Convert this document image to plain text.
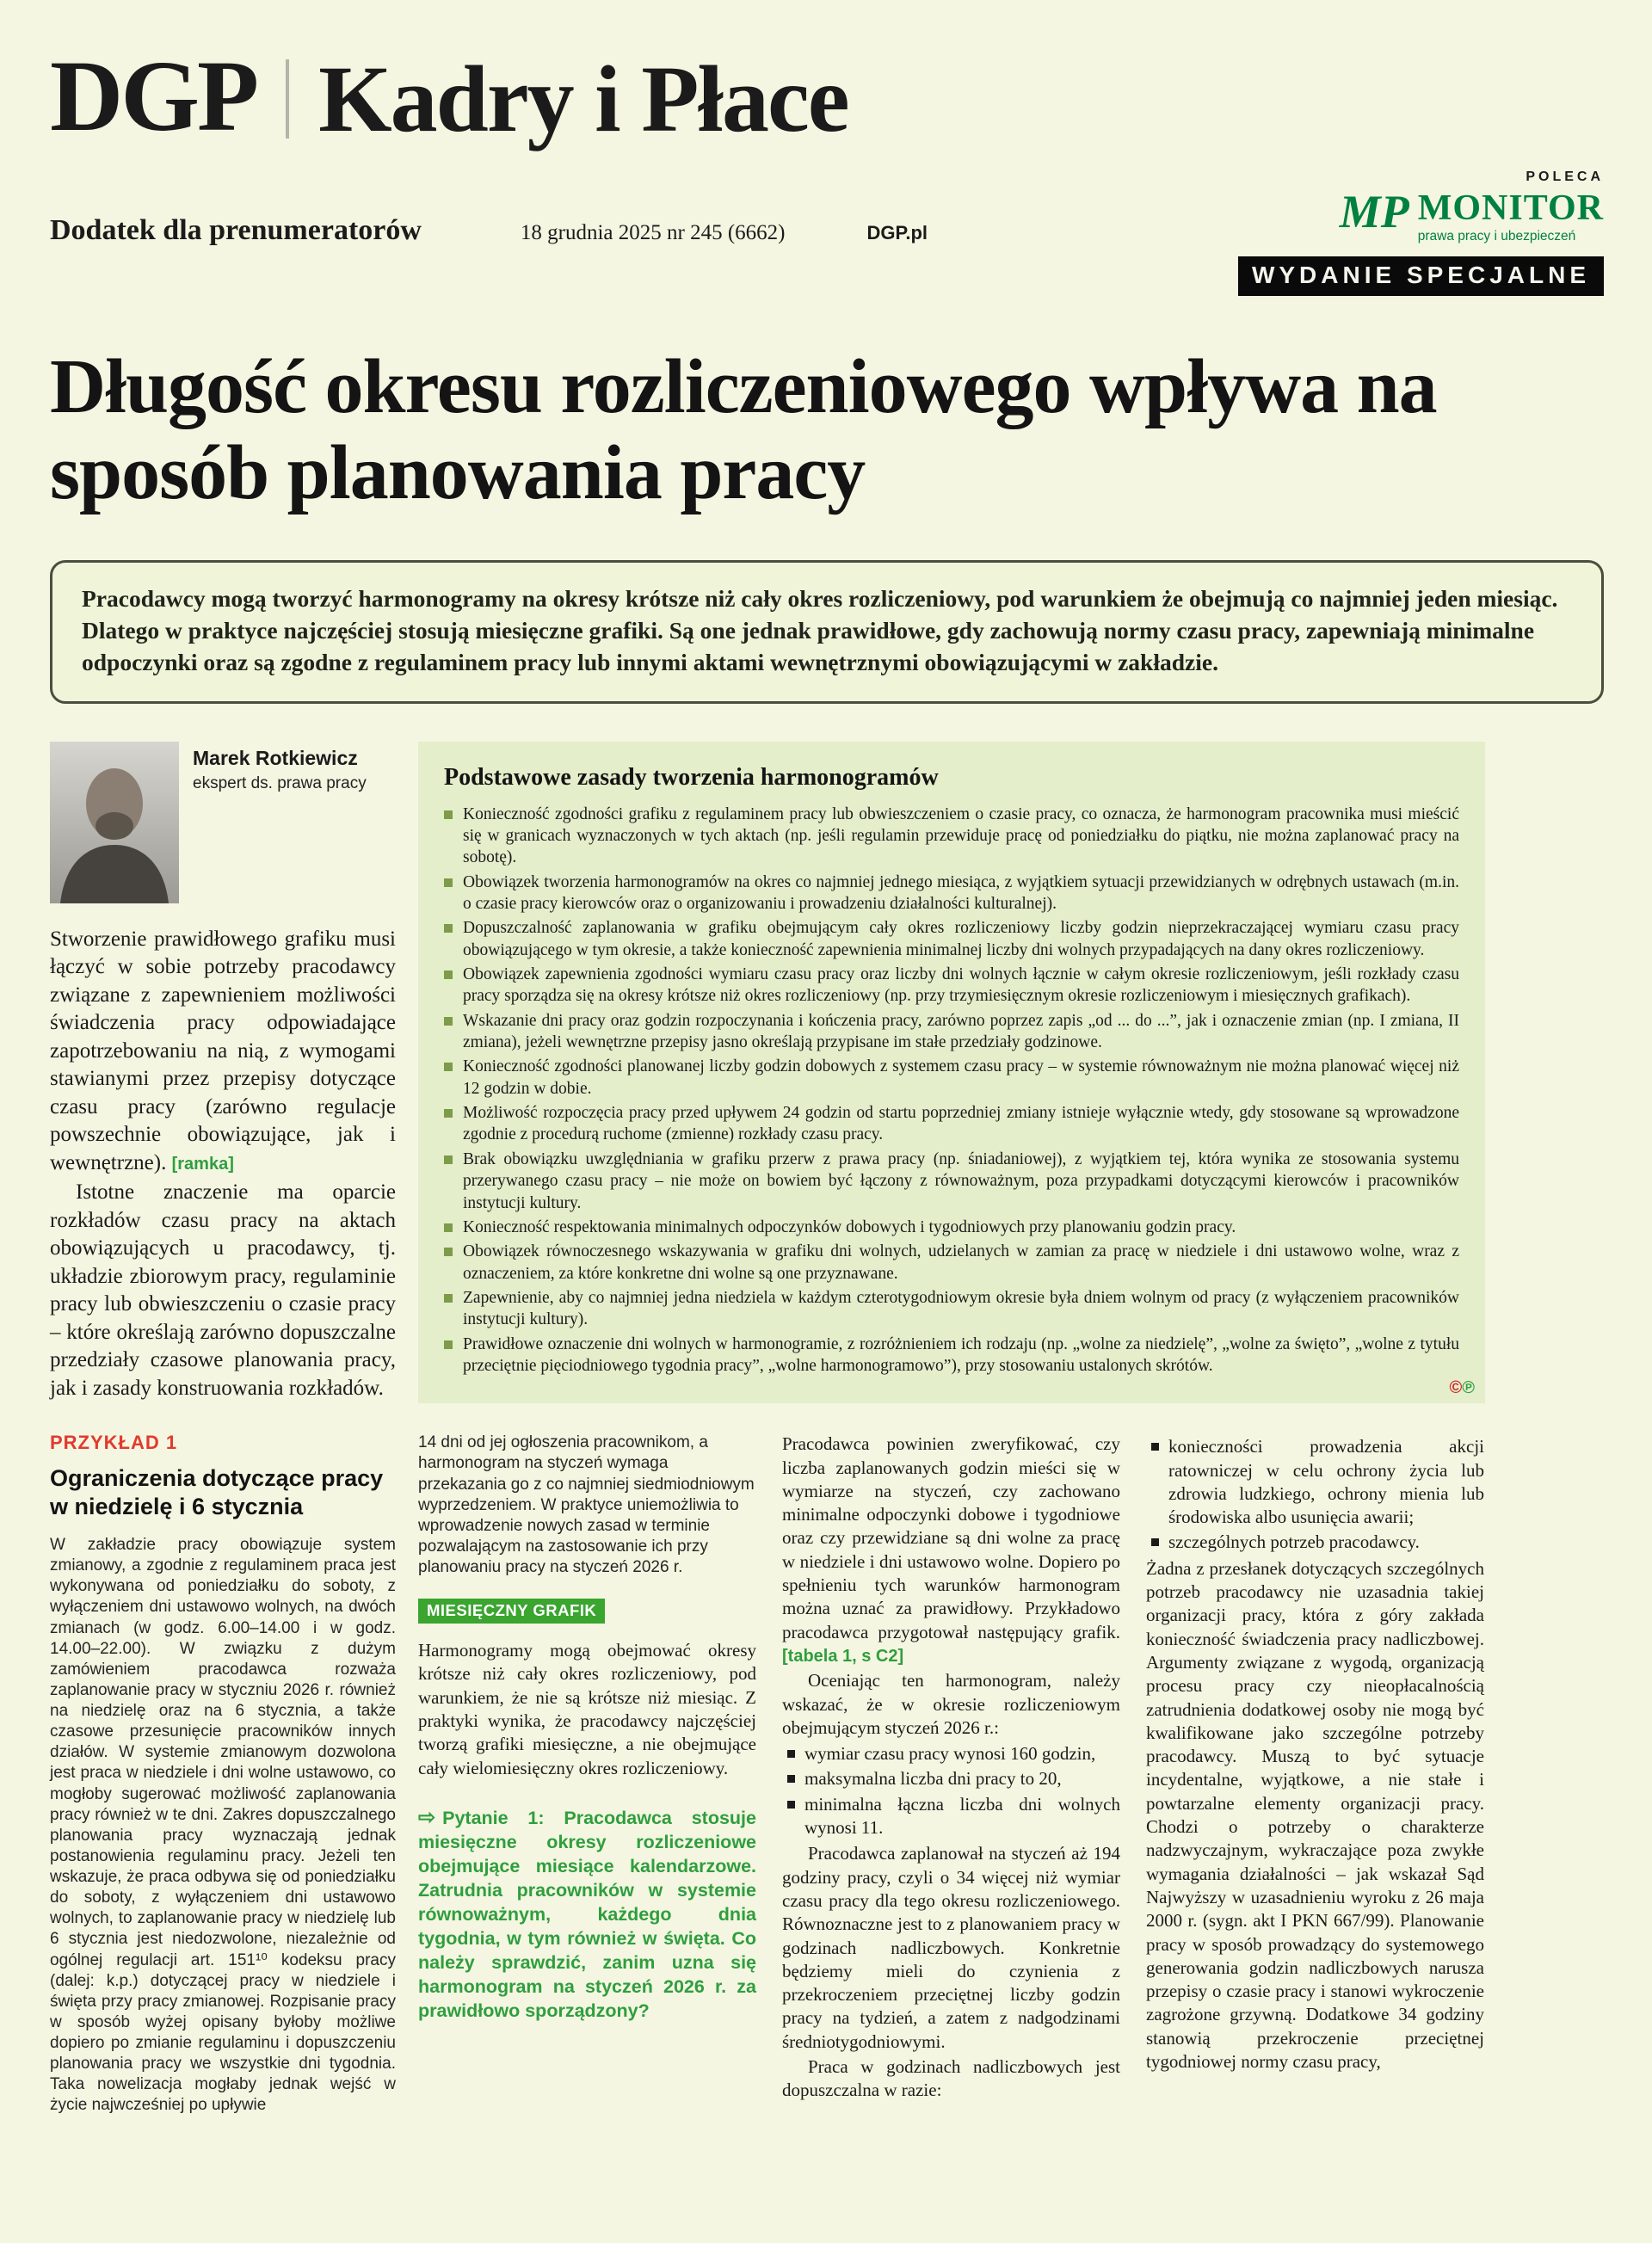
DGP Kadry i Płace
Dodatek dla prenumeratorów	18 grudnia 2025 nr 245 (6662)	DGP.pl
POLECA
MP MONITOR
prawa pracy i ubezpieczeń
WYDANIE SPECJALNE
Długość okresu rozliczeniowego wpływa na sposób planowania pracy

Pracodawcy mogą tworzyć harmonogramy na okresy krótsze niż cały okres rozliczeniowy, pod warunkiem że obejmują co najmniej jeden miesiąc. Dlatego w praktyce najczęściej stosują miesięczne grafiki. Są one jednak prawidłowe, gdy zachowują normy czasu pracy, zapewniają minimalne odpoczynki oraz są zgodne z regulaminem pracy lub innymi aktami wewnętrznymi obowiązującymi w zakładzie.

Marek Rotkiewicz
ekspert ds. prawa pracy

Stworzenie prawidłowego grafiku musi łączyć w sobie potrzeby pracodawcy związane z zapewnieniem możliwości świadczenia pracy odpowiadające zapotrzebowaniu na nią, z wymogami stawianymi przez przepisy dotyczące czasu pracy (zarówno regulacje powszechnie obowiązujące, jak i wewnętrzne). [ramka]

Istotne znaczenie ma oparcie rozkładów czasu pracy na aktach obowiązujących u pracodawcy, tj. układzie zbiorowym pracy, regulaminie pracy lub obwieszczeniu o czasie pracy – które określają zarówno dopuszczalne przedziały czasowe planowania pracy, jak i zasady konstruowania rozkładów.

PRZYKŁAD 1
Ograniczenia dotyczące pracy w niedzielę i 6 stycznia

W zakładzie pracy obowiązuje system zmianowy, a zgodnie z regulaminem praca jest wykonywana od poniedziałku do soboty, z wyłączeniem dni ustawowo wolnych, na dwóch zmianach (w godz. 6.00–14.00 i w godz. 14.00–22.00). W związku z dużym zamówieniem pracodawca rozważa zaplanowanie pracy w styczniu 2026 r. również na niedzielę oraz na 6 stycznia, a także czasowe przesunięcie pracowników innych działów. W systemie zmianowym dozwolona jest praca w niedziele i dni wolne ustawowo, co mogłoby sugerować możliwość zaplanowania pracy również w te dni. Zakres dopuszczalnego planowania pracy wyznaczają jednak postanowienia regulaminu pracy. Jeżeli ten wskazuje, że praca odbywa się od poniedziałku do soboty, z wyłączeniem dni ustawowo wolnych, to zaplanowanie pracy w niedzielę lub 6 stycznia jest niedozwolone, niezależnie od ogólnej regulacji art. 151¹⁰ kodeksu pracy (dalej: k.p.) dotyczącej pracy w niedziele i święta przy pracy zmianowej. Rozpisanie pracy w sposób wyżej opisany byłoby możliwe dopiero po zmianie regulaminu i dopuszczeniu planowania pracy we wszystkie dni tygodnia. Taka nowelizacja mogłaby jednak wejść w życie najwcześniej po upływie

Podstawowe zasady tworzenia harmonogramów
Konieczność zgodności grafiku z regulaminem pracy lub obwieszczeniem o czasie pracy, co oznacza, że harmonogram pracownika musi mieścić się w granicach wyznaczonych w tych aktach (np. jeśli regulamin przewiduje pracę od poniedziałku do piątku, nie można zaplanować pracy na sobotę).
Obowiązek tworzenia harmonogramów na okres co najmniej jednego miesiąca, z wyjątkiem sytuacji przewidzianych w odrębnych ustawach (m.in. o czasie pracy kierowców oraz o organizowaniu i prowadzeniu działalności kulturalnej).
Dopuszczalność zaplanowania w grafiku obejmującym cały okres rozliczeniowy liczby godzin nieprzekraczającej wymiaru czasu pracy obowiązującego w tym okresie, a także konieczność zapewnienia minimalnej liczby dni wolnych przypadających na dany okres rozliczeniowy.
Obowiązek zapewnienia zgodności wymiaru czasu pracy oraz liczby dni wolnych łącznie w całym okresie rozliczeniowym, jeśli rozkłady czasu pracy sporządza się na okresy krótsze niż okres rozliczeniowy (np. przy trzymiesięcznym okresie rozliczeniowym i miesięcznych grafikach).
Wskazanie dni pracy oraz godzin rozpoczynania i kończenia pracy, zarówno poprzez zapis „od ... do ...”, jak i oznaczenie zmian (np. I zmiana, II zmiana), jeżeli wewnętrzne przepisy jasno określają przypisane im stałe przedziały godzinowe.
Konieczność zgodności planowanej liczby godzin dobowych z systemem czasu pracy – w systemie równoważnym nie można planować więcej niż 12 godzin w dobie.
Możliwość rozpoczęcia pracy przed upływem 24 godzin od startu poprzedniej zmiany istnieje wyłącznie wtedy, gdy stosowane są wprowadzone zgodnie z procedurą ruchome (zmienne) rozkłady czasu pracy.
Brak obowiązku uwzględniania w grafiku przerw z prawa pracy (np. śniadaniowej), z wyjątkiem tej, która wynika ze stosowania systemu przerywanego czasu pracy – nie może on bowiem być łączony z równoważnym, poza przypadkami dotyczącymi kierowców i pracowników instytucji kultury.
Konieczność respektowania minimalnych odpoczynków dobowych i tygodniowych przy planowaniu godzin pracy.
Obowiązek równoczesnego wskazywania w grafiku dni wolnych, udzielanych w zamian za pracę w niedziele i dni ustawowo wolne, wraz z oznaczeniem, za które konkretne dni wolne są one przyznawane.
Zapewnienie, aby co najmniej jedna niedziela w każdym czterotygodniowym okresie była dniem wolnym od pracy (z wyłączeniem pracowników instytucji kultury).
Prawidłowe oznaczenie dni wolnych w harmonogramie, z rozróżnieniem ich rodzaju (np. „wolne za niedzielę”, „wolne za święto”, „wolne z tytułu przeciętnie pięciodniowego tygodnia pracy”, „wolne harmonogramowo”), przy stosowaniu ustalonych skrótów.
©℗

14 dni od jej ogłoszenia pracownikom, a harmonogram na styczeń wymaga przekazania go z co najmniej siedmiodniowym wyprzedzeniem. W praktyce uniemożliwia to wprowadzenie nowych zasad w terminie pozwalającym na zastosowanie ich przy planowaniu pracy na styczeń 2026 r.

MIESIĘCZNY GRAFIK

Harmonogramy mogą obejmować okresy krótsze niż cały okres rozliczeniowy, pod warunkiem, że nie są krótsze niż miesiąc. Z praktyki wynika, że pracodawcy najczęściej tworzą grafiki miesięczne, a nie obejmujące cały wielomiesięczny okres rozliczeniowy.

⇨ Pytanie 1: Pracodawca stosuje miesięczne okresy rozliczeniowe obejmujące miesiące kalendarzowe. Zatrudnia pracowników w systemie równoważnym, każdego dnia tygodnia, w tym również w święta. Co należy sprawdzić, zanim uzna się harmonogram na styczeń 2026 r. za prawidłowo sporządzony?

Pracodawca powinien zweryfikować, czy liczba zaplanowanych godzin mieści się w wymiarze na styczeń, czy zachowano minimalne odpoczynki dobowe i tygodniowe oraz czy przewidziane są dni wolne za pracę w niedziele i dni ustawowo wolne. Dopiero po spełnieniu tych warunków harmonogram można uznać za prawidłowy. Przykładowo pracodawca przygotował następujący grafik. [tabela 1, s C2]

Oceniając ten harmonogram, należy wskazać, że w okresie rozliczeniowym obejmującym styczeń 2026 r.:

wymiar czasu pracy wynosi 160 godzin,
maksymalna liczba dni pracy to 20,
minimalna łączna liczba dni wolnych wynosi 11.

Pracodawca zaplanował na styczeń aż 194 godziny pracy, czyli o 34 więcej niż wymiar czasu pracy dla tego okresu rozliczeniowego. Równoznaczne jest to z planowaniem pracy w godzinach nadliczbowych. Konkretnie będziemy mieli do czynienia z przekroczeniem przeciętnej liczby godzin pracy na tydzień, a zatem z nadgodzinami średniotygodniowymi.

Praca w godzinach nadliczbowych jest dopuszczalna w razie:

konieczności prowadzenia akcji ratowniczej w celu ochrony życia lub zdrowia ludzkiego, ochrony mienia lub środowiska albo usunięcia awarii;
szczególnych potrzeb pracodawcy.

Żadna z przesłanek dotyczących szczególnych potrzeb pracodawcy nie uzasadnia takiej organizacji pracy, która z góry zakłada konieczność świadczenia pracy nadliczbowej. Argumenty związane z wygodą, organizacją procesu pracy czy nieopłacalnością zatrudnienia dodatkowej osoby nie mogą być kwalifikowane jako szczególne potrzeby pracodawcy. Muszą to być sytuacje incydentalne, wyjątkowe, a nie stałe i powtarzalne elementy organizacji pracy. Chodzi o potrzeby o charakterze nadzwyczajnym, wykraczające poza zwykłe wymagania działalności – jak wskazał Sąd Najwyższy w uzasadnieniu wyroku z 26 maja 2000 r. (sygn. akt I PKN 667/99). Planowanie pracy w sposób prowadzący do systemowego generowania godzin nadliczbowych narusza przepisy o czasie pracy i stanowi wykroczenie zagrożone grzywną. Dodatkowe 34 godziny stanowią przekroczenie przeciętnej tygodniowej normy czasu pracy,
